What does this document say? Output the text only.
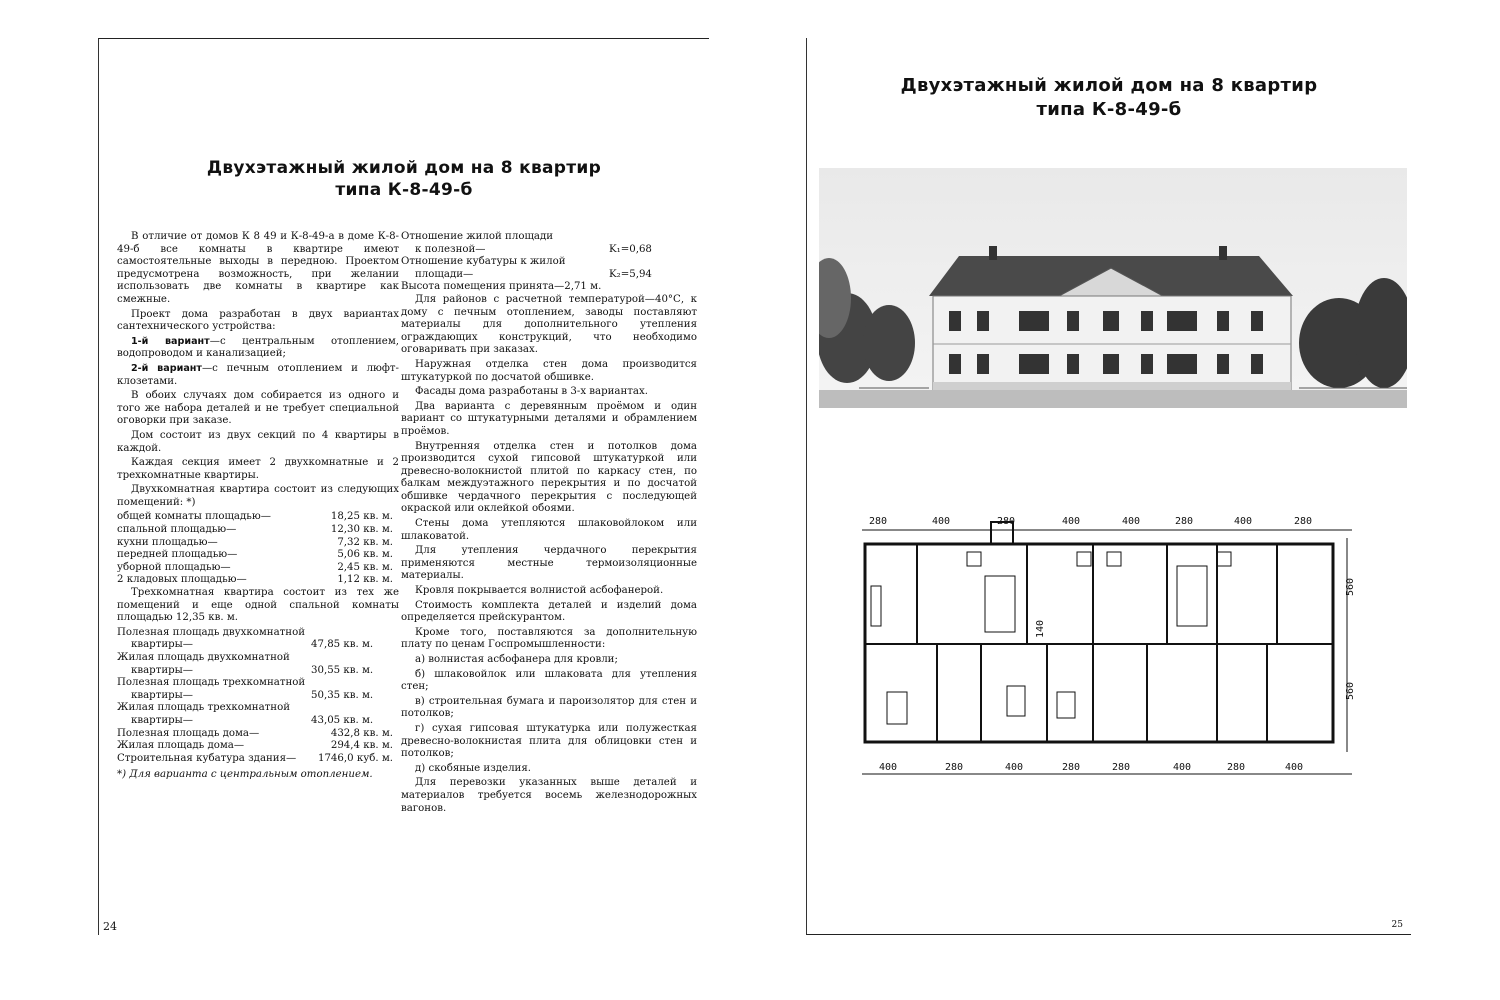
Двухэтажный жилой дом на 8 квартир
типа К-8-49-б

В отличие от домов К 8 49 и К-8-49-а в доме К-8-49-б все комнаты в квартире имеют самостоятельные выходы в передною. Проектом предусмотрена возможность, при желании использовать две комнаты в квартире как смежные.

Проект дома разработан в двух вариантах сантехнического устройства:

1-й вариант—с центральным отоплением, водопроводом и канализацией;

2-й вариант—с печным отоплением и люфт-клозетами.

В обоих случаях дом собирается из одного и того же набора деталей и не требует специальной оговорки при заказе.

Дом состоит из двух секций по 4 квартиры в каждой.

Каждая секция имеет 2 двухкомнатные и 2 трехкомнатные квартиры.

Двухкомнатная квартира состоит из следующих помещений: *)

общей комнаты площадью—	18,25 кв. м.
спальной площадью—	12,30 кв. м.
кухни площадью—	7,32 кв. м.
передней площадью—	5,06 кв. м.
уборной площадью—	2,45 кв. м.
2 кладовых площадью—	1,12 кв. м.

Трехкомнатная квартира состоит из тех же помещений и еще одной спальной комнаты площадью 12,35 кв. м.

Полезная площадь двухкомнатной
квартиры—	47,85 кв. м.
Жилая площадь двухкомнатной
квартиры—	30,55 кв. м.
Полезная площадь трехкомнатной
квартиры—	50,35 кв. м.
Жилая площадь трехкомнатной
квартиры—	43,05 кв. м.
Полезная площадь дома—	432,8 кв. м.
Жилая площадь дома—	294,4 кв. м.
Строительная кубатура здания—	1746,0 куб. м.
*) Для варианта с центральным отоплением.
Отношение жилой площади
к полезной—	K₁=0,68
Отношение кубатуры к жилой
площади—	K₂=5,94
Высота помещения принята—2,71 м.

Для районов с расчетной температурой—40°С, к дому с печным отоплением, заводы поставляют материалы для дополнительного утепления ограждающих конструкций, что необходимо оговаривать при заказах.

Наружная отделка стен дома производится штукатуркой по досчатой обшивке.

Фасады дома разработаны в 3-х вариантах.

Два варианта с деревянным проёмом и один вариант со штукатурными деталями и обрамлением проёмов.

Внутренняя отделка стен и потолков дома производится сухой гипсовой штукатуркой или древесно-волокнистой плитой по каркасу стен, по балкам междуэтажного перекрытия и по досчатой обшивке чердачного перекрытия с последующей окраской или оклейкой обоями.

Стены дома утепляются шлаковойлоком или шлаковатой.

Для утепления чердачного перекрытия применяются местные термоизоляционные материалы.

Кровля покрывается волнистой асбофанерой.

Стоимость комплекта деталей и изделий дома определяется прейскурантом.

Кроме того, поставляются за дополнительную плату по ценам Госпромышленности:

а) волнистая асбофанера для кровли;

б) шлаковойлок или шлаковата для утепления стен;

в) строительная бумага и пароизолятор для стен и потолков;

г) сухая гипсовая штукатурка или полужесткая древесно-волокнистая плита для облицовки стен и потолков;

д) скобяные изделия.

Для перевозки указанных выше деталей и материалов требуется восемь железнодорожных вагонов.

24
Двухэтажный жилой дом на 8 квартир
типа К-8-49-б
280	400	280	400	400	280	400	280
400	280	400	280	280	400	280	400
560
560
140
25
